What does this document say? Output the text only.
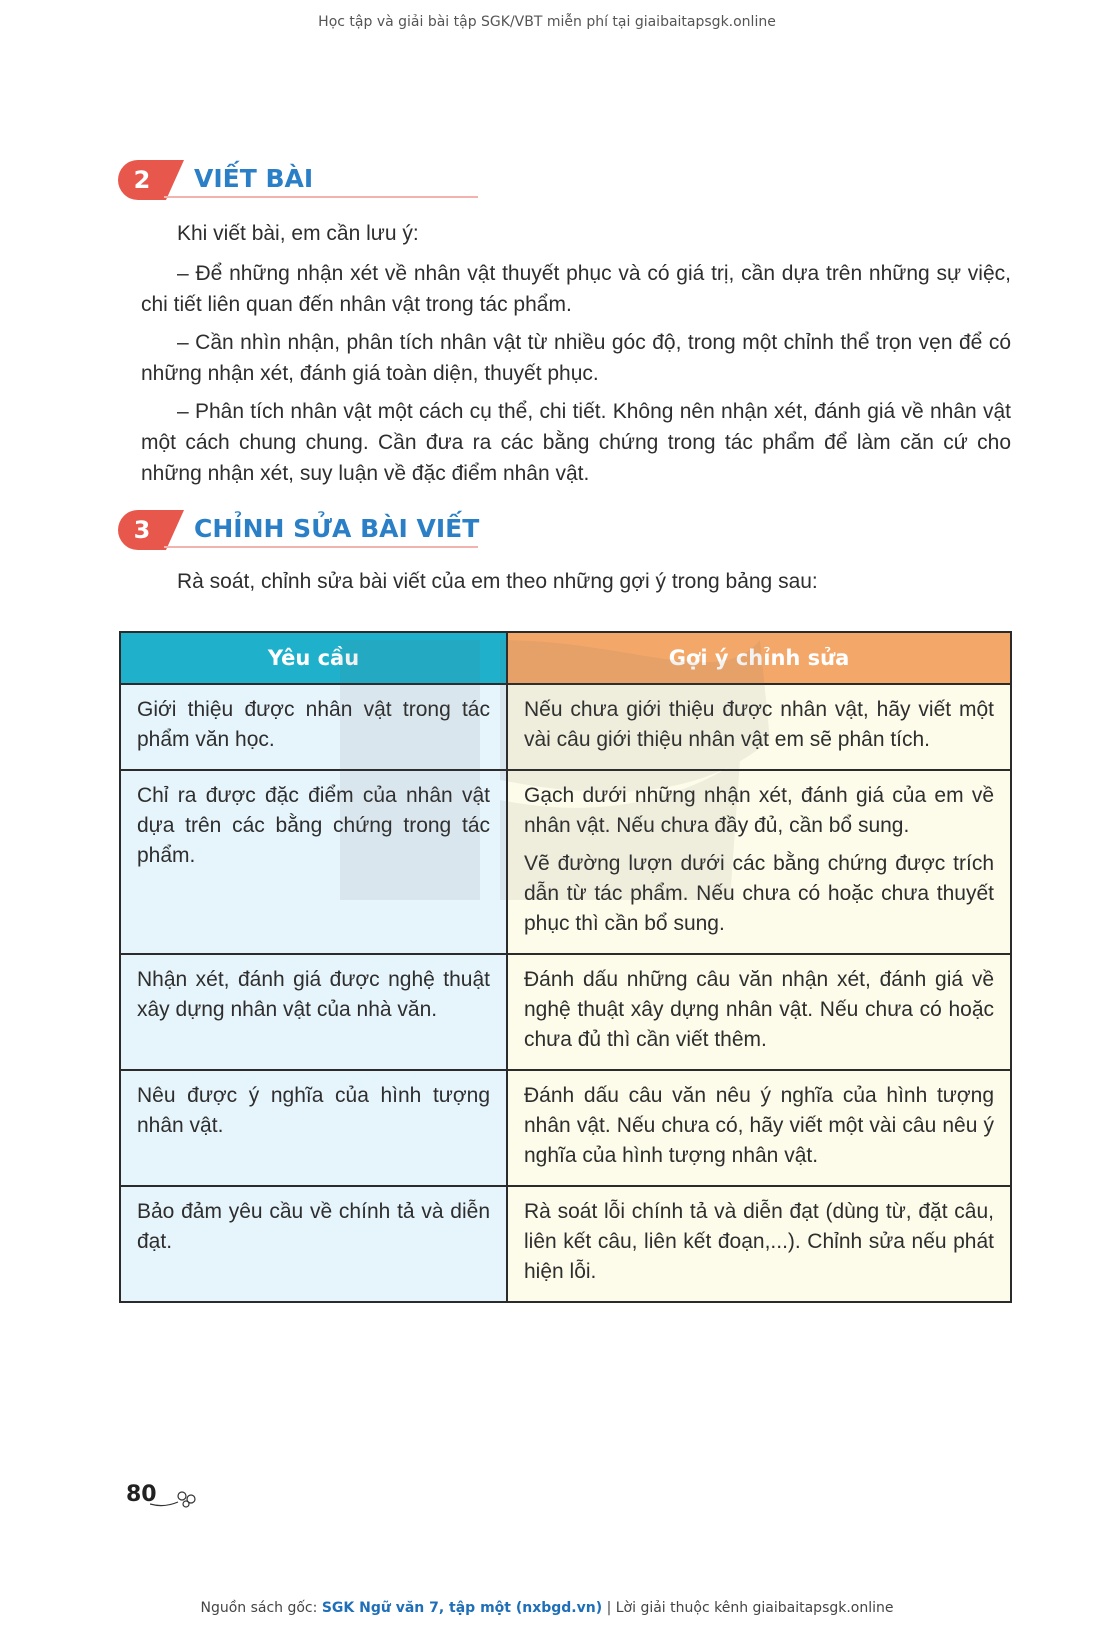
Học tập và giải bài tập SGK/VBT miễn phí tại giaibaitapsgk.online
2	VIẾT BÀI
Khi viết bài, em cần lưu ý:
– Để những nhận xét về nhân vật thuyết phục và có giá trị, cần dựa trên những sự việc, chi tiết liên quan đến nhân vật trong tác phẩm.
– Cần nhìn nhận, phân tích nhân vật từ nhiều góc độ, trong một chỉnh thể trọn vẹn để có những nhận xét, đánh giá toàn diện, thuyết phục.
– Phân tích nhân vật một cách cụ thể, chi tiết. Không nên nhận xét, đánh giá về nhân vật một cách chung chung. Cần đưa ra các bằng chứng trong tác phẩm để làm căn cứ cho những nhận xét, suy luận về đặc điểm nhân vật.
3	CHỈNH SỬA BÀI VIẾT
Rà soát, chỉnh sửa bài viết của em theo những gợi ý trong bảng sau:
Yêu cầu	Gợi ý chỉnh sửa

Giới thiệu được nhân vật trong tác phẩm văn học.	Nếu chưa giới thiệu được nhân vật, hãy viết một vài câu giới thiệu nhân vật em sẽ phân tích.

Chỉ ra được đặc điểm của nhân vật dựa trên các bằng chứng trong tác phẩm.	Gạch dưới những nhận xét, đánh giá của em về nhân vật. Nếu chưa đầy đủ, cần bổ sung.

Vẽ đường lượn dưới các bằng chứng được trích dẫn từ tác phẩm. Nếu chưa có hoặc chưa thuyết phục thì cần bổ sung.

Nhận xét, đánh giá được nghệ thuật xây dựng nhân vật của nhà văn.	Đánh dấu những câu văn nhận xét, đánh giá về nghệ thuật xây dựng nhân vật. Nếu chưa có hoặc chưa đủ thì cần viết thêm.

Nêu được ý nghĩa của hình tượng nhân vật.	Đánh dấu câu văn nêu ý nghĩa của hình tượng nhân vật. Nếu chưa có, hãy viết một vài câu nêu ý nghĩa của hình tượng nhân vật.

Bảo đảm yêu cầu về chính tả và diễn đạt.	Rà soát lỗi chính tả và diễn đạt (dùng từ, đặt câu, liên kết câu, liên kết đoạn,...). Chỉnh sửa nếu phát hiện lỗi.

80
Nguồn sách gốc: SGK Ngữ văn 7, tập một (nxbgd.vn) | Lời giải thuộc kênh giaibaitapsgk.online
